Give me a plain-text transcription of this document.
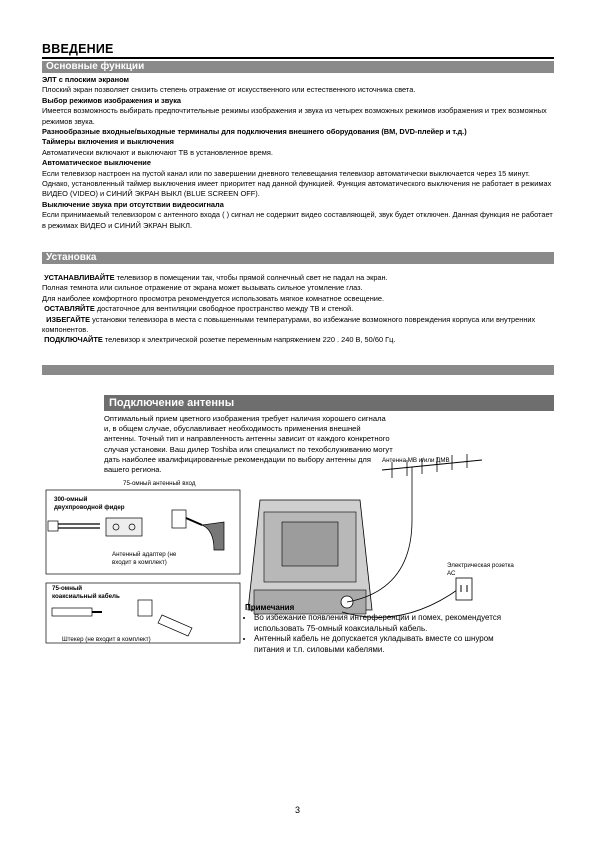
ВВЕДЕНИЕ
Основные функции

ЭЛТ с плоским экраном

Плоский экран позволяет снизить степень отражение от искусственного или естественного источника света.

Выбор режимов изображения и звука

Имеется возможность выбирать предпочтительные режимы изображения и звука из четырех возможных режимов изображения и трех возможных режимов звука.

Разнообразные входные/выходные терминалы для подключения внешнего оборудования (ВМ, DVD-плейер и т.д.)

Таймеры включения и выключения

Автоматически включают и выключают ТВ в установленное время.

Автоматическое выключение

Если телевизор настроен на пустой канал или по завершении дневного телевещания телевизор автоматически выключается через 15 минут. Однако, установленный таймер выключения имеет приоритет над данной функцией. Функция автоматического выключения не работает в режимах ВИДЕО (VIDEO) и СИНИЙ ЭКРАН ВЫКЛ (BLUE SCREEN OFF).

Выключение звука при отсутствии видеосигнала

Если принимаемый телевизором с антенного входа ( ) сигнал не содержит видео составляющей, звук будет отключен. Данная функция не работает в режимах ВИДЕО и СИНИЙ ЭКРАН ВЫКЛ.

Установка

УСТАНАВЛИВАЙТЕ телевизор в помещении так, чтобы прямой солнечный свет не падал на экран.

Полная темнота или сильное отражение от экрана может вызывать сильное утомление глаз.

Для наиболее комфортного просмотра рекомендуется использовать мягкое комнатное освещение.

ОСТАВЛЯЙТЕ достаточное для вентиляции свободное пространство между ТВ и стеной.

ИЗБЕГАЙТЕ установки телевизора в места с повышенными температурами, во избежание возможного повреждения корпуса или внутренних компонентов.

ПОДКЛЮЧАЙТЕ телевизор к электрической розетке переменным напряжением 220 . 240 В, 50/60 Гц.

Подключение антенны
Оптимальный прием цветного изображения требует наличия хорошего сигнала и, в общем случае, обуславливает необходимость применения внешней антенны. Точный тип и направленность антенны зависит от каждого конкретного случая установки. Ваш дилер Toshiba или специалист по техобслуживанию могут дать наиболее квалифицированные рекомендации по выбору антенны для вашего региона.
75-омный антенный вход
Антенна МВ и/или ДМВ
300-омный двухпроводной фидер
Антенный адаптер (не входит в комплект)
75-омный коаксиальный кабель
Штекер (не входит в комплект)
Электрическая розетка АС
Примечания
• Во избежание появления интерференции и помех, рекомендуется использовать 75-омный коаксиальный кабель.
• Антенный кабель не допускается укладывать вместе со шнуром питания и т.п. силовыми кабелями.
3
